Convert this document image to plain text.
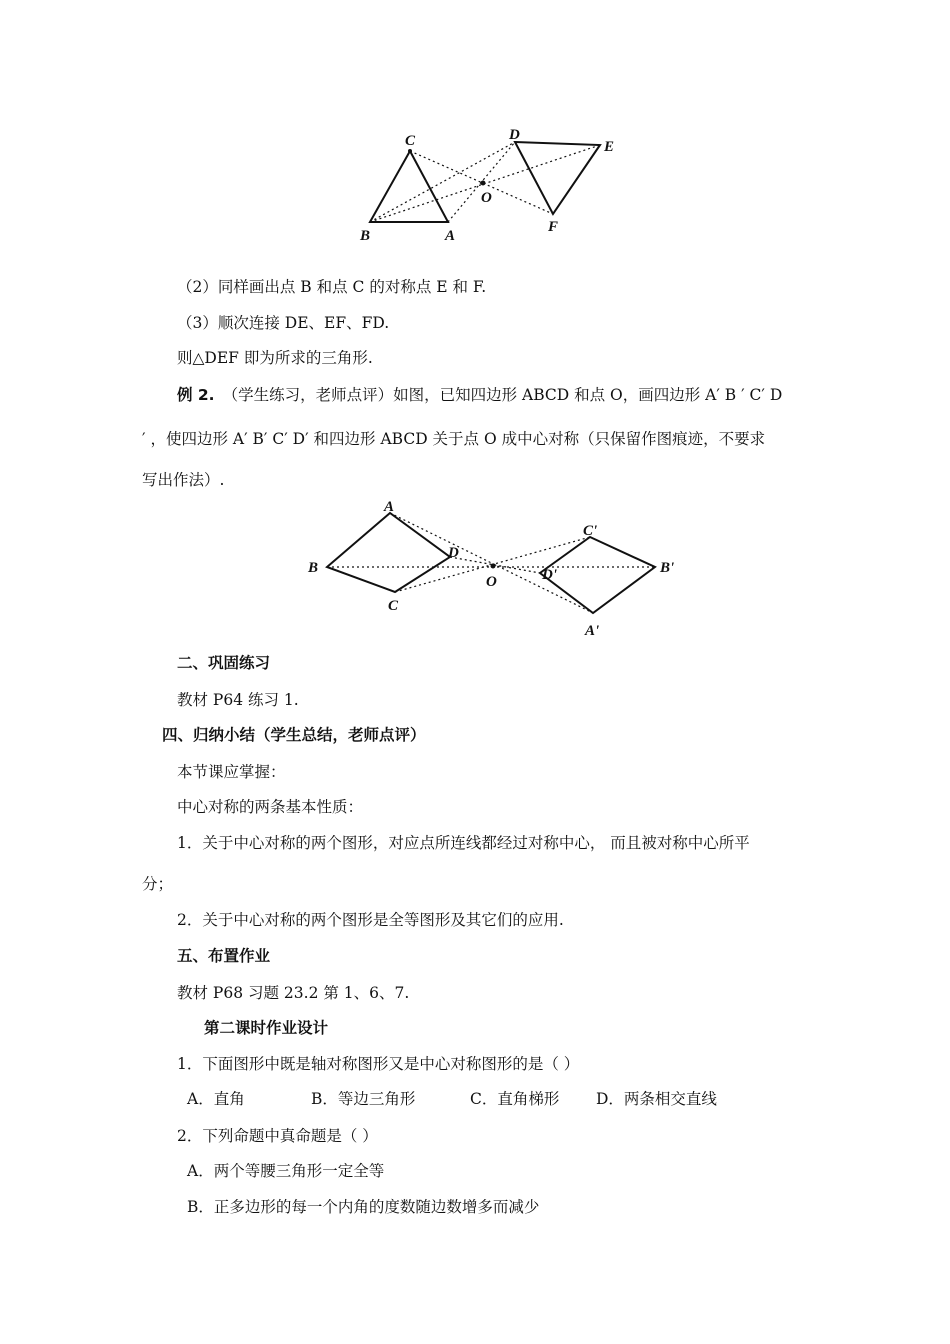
C	D
E
O
B	A
F
（2）同样画出点 B 和点 C 的对称点 E 和 F.
（3）顺次连接 DE、EF、FD.
则△DEF 即为所求的三角形.
例 2. （学生练习，老师点评）如图，已知四边形 ABCD 和点 O，画四边形 A′ B ′ C′ D
′ ，使四边形 A′ B′ C′ D′ 和四边形 ABCD 关于点 O 成中心对称（只保留作图痕迹，不要求
写出作法）.
A
B
C
D
O
C'
D'	B'
A'
二、巩固练习
教材 P64 练习 1.
四、归纳小结（学生总结，老师点评）
本节课应掌握：
中心对称的两条基本性质：
1．关于中心对称的两个图形，对应点所连线都经过对称中心， 而且被对称中心所平
分；
2．关于中心对称的两个图形是全等图形及其它们的应用.
五、布置作业
教材 P68 习题 23.2 第 1、6、7.
第二课时作业设计
1．下面图形中既是轴对称图形又是中心对称图形的是（ ）
A．直角	B．等边三角形	C．直角梯形 D．两条相交直线
2．下列命题中真命题是（ ）
A．两个等腰三角形一定全等
B．正多边形的每一个内角的度数随边数增多而减少
